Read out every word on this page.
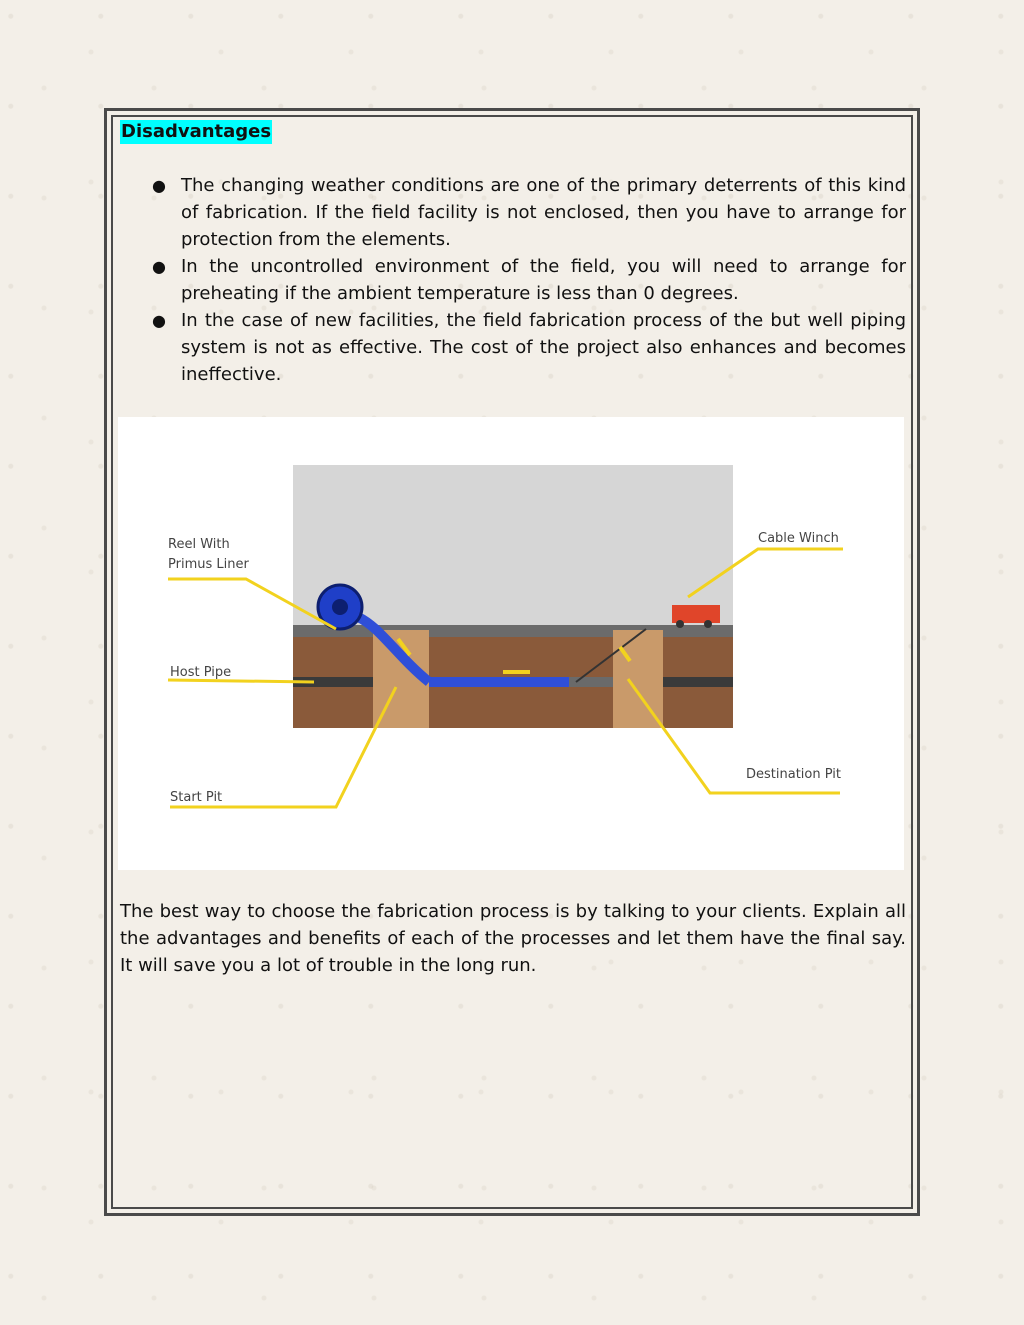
Disadvantages
● The changing weather conditions are one of the primary deterrents of this kind of fabrication. If the field facility is not enclosed, then you have to arrange for protection from the elements.
● In the uncontrolled environment of the field, you will need to arrange for preheating if the ambient temperature is less than 0 degrees.
● In the case of new facilities, the field fabrication process of the but well piping system is not as effective. The cost of the project also enhances and becomes ineffective.
Reel With
Primus Liner
Host Pipe
Start Pit
Cable Winch
Destination Pit

The best way to choose the fabrication process is by talking to your clients. Explain all the advantages and benefits of each of the processes and let them have the final say. It will save you a lot of trouble in the long run.
